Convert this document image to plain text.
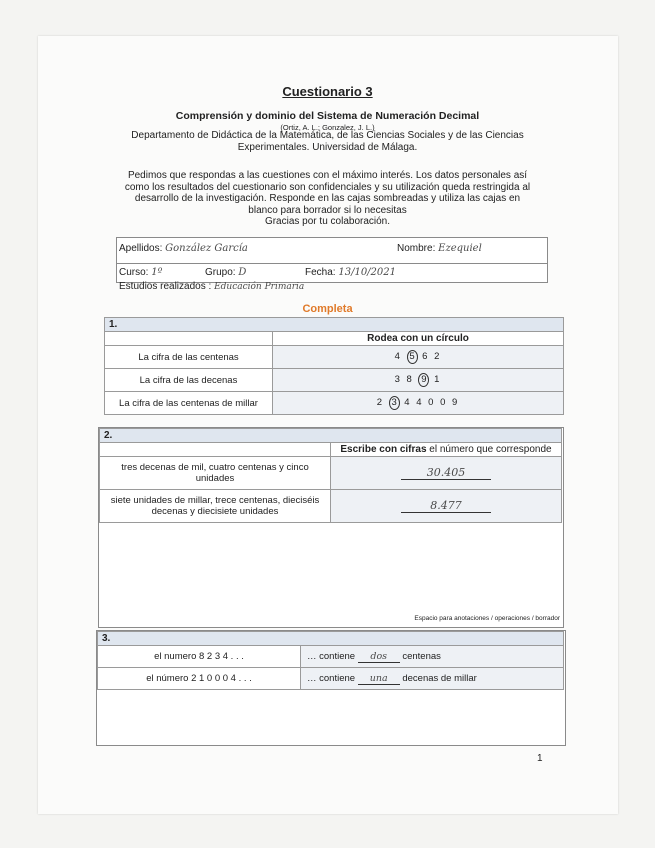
Cuestionario 3
Comprensión y dominio del Sistema de Numeración Decimal
(Ortiz, A. L.; Gonzalez, J. L.)
Departamento de Didáctica de la Matemática, de las Ciencias Sociales y de las Ciencias
Experimentales. Universidad de Málaga.
Pedimos que respondas a las cuestiones con el máximo interés. Los datos personales así
como los resultados del cuestionario son confidenciales y su utilización queda restringida al
desarrollo de la investigación. Responde en las cajas sombreadas y utiliza las cajas en
blanco para borrador si lo necesitas
Gracias por tu colaboración.
Apellidos: González García	Nombre: Ezequiel
Curso: 1º	Grupo: D	Fecha: 13/10/2021
Estudios realizados : Educación Primaria
Completa
1.	
	Rodea con un círculo
La cifra de las centenas	4 5 6 2
La cifra de las decenas	3 8 9 1
La cifra de las centenas de millar	2 3 4 4 0 0 9
2.	
	Escribe con cifras el número que corresponde
tres decenas de mil, cuatro centenas y cinco unidades	30.405
siete unidades de millar, trece centenas, dieciséis decenas y diecisiete unidades	8.477
Espacio para anotaciones / operaciones / borrador
3.	
el numero 8 2 3 4 . . .	… contiene dos centenas
el número 2 1 0 0 0 4 . . .	… contiene una decenas de millar
1
